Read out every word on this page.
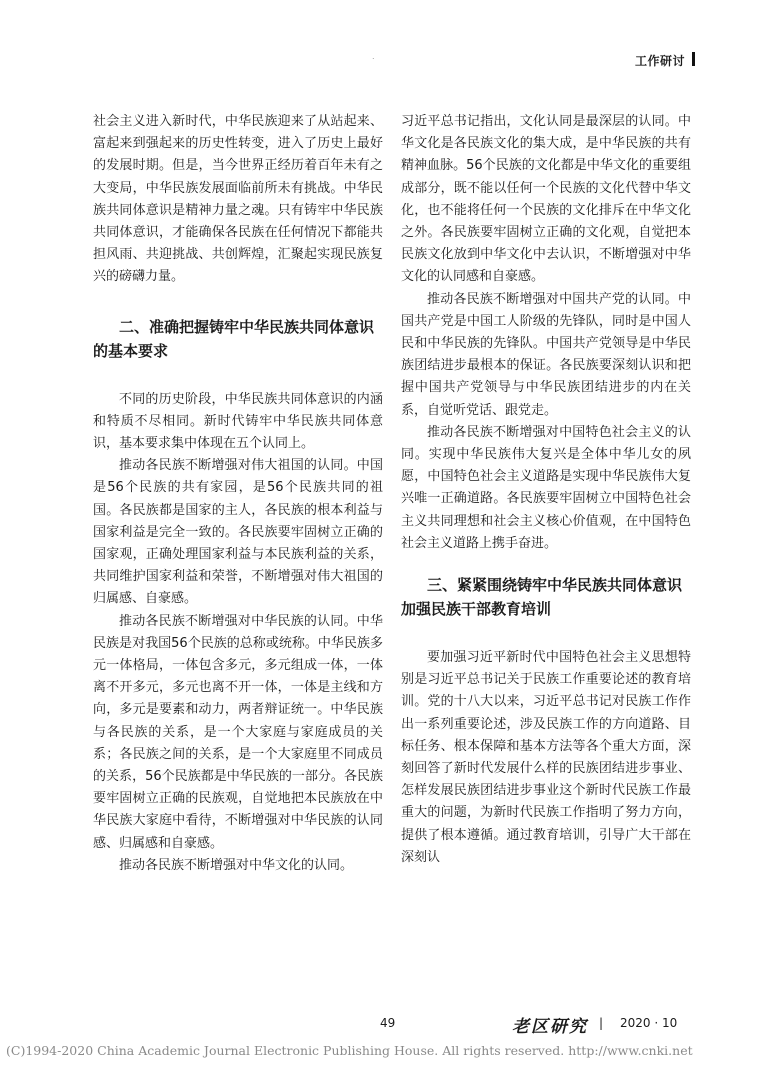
.	工作研讨

社会主义进入新时代，中华民族迎来了从站起来、富起来到强起来的历史性转变，进入了历史上最好的发展时期。但是，当今世界正经历着百年未有之大变局，中华民族发展面临前所未有挑战。中华民族共同体意识是精神力量之魂。只有铸牢中华民族共同体意识，才能确保各民族在任何情况下都能共担风雨、共迎挑战、共创辉煌，汇聚起实现民族复兴的磅礴力量。

二、准确把握铸牢中华民族共同体意识的基本要求

不同的历史阶段，中华民族共同体意识的内涵和特质不尽相同。新时代铸牢中华民族共同体意识，基本要求集中体现在五个认同上。

推动各民族不断增强对伟大祖国的认同。中国是56个民族的共有家园，是56个民族共同的祖国。各民族都是国家的主人，各民族的根本利益与国家利益是完全一致的。各民族要牢固树立正确的国家观，正确处理国家利益与本民族利益的关系，共同维护国家利益和荣誉，不断增强对伟大祖国的归属感、自豪感。

推动各民族不断增强对中华民族的认同。中华民族是对我国56个民族的总称或统称。中华民族多元一体格局，一体包含多元，多元组成一体，一体离不开多元，多元也离不开一体，一体是主线和方向，多元是要素和动力，两者辩证统一。中华民族与各民族的关系，是一个大家庭与家庭成员的关系；各民族之间的关系，是一个大家庭里不同成员的关系，56个民族都是中华民族的一部分。各民族要牢固树立正确的民族观，自觉地把本民族放在中华民族大家庭中看待，不断增强对中华民族的认同感、归属感和自豪感。

推动各民族不断增强对中华文化的认同。

习近平总书记指出，文化认同是最深层的认同。中华文化是各民族文化的集大成，是中华民族的共有精神血脉。56个民族的文化都是中华文化的重要组成部分，既不能以任何一个民族的文化代替中华文化，也不能将任何一个民族的文化排斥在中华文化之外。各民族要牢固树立正确的文化观，自觉把本民族文化放到中华文化中去认识，不断增强对中华文化的认同感和自豪感。

推动各民族不断增强对中国共产党的认同。中国共产党是中国工人阶级的先锋队，同时是中国人民和中华民族的先锋队。中国共产党领导是中华民族团结进步最根本的保证。各民族要深刻认识和把握中国共产党领导与中华民族团结进步的内在关系，自觉听党话、跟党走。

推动各民族不断增强对中国特色社会主义的认同。实现中华民族伟大复兴是全体中华儿女的夙愿，中国特色社会主义道路是实现中华民族伟大复兴唯一正确道路。各民族要牢固树立中国特色社会主义共同理想和社会主义核心价值观，在中国特色社会主义道路上携手奋进。

三、紧紧围绕铸牢中华民族共同体意识加强民族干部教育培训

要加强习近平新时代中国特色社会主义思想特别是习近平总书记关于民族工作重要论述的教育培训。党的十八大以来，习近平总书记对民族工作作出一系列重要论述，涉及民族工作的方向道路、目标任务、根本保障和基本方法等各个重大方面，深刻回答了新时代发展什么样的民族团结进步事业、怎样发展民族团结进步事业这个新时代民族工作最重大的问题，为新时代民族工作指明了努力方向，提供了根本遵循。通过教育培训，引导广大干部在深刻认

49	老区研究 | 2020 · 10
(C)1994-2020 China Academic Journal Electronic Publishing House. All rights reserved. http://www.cnki.net
